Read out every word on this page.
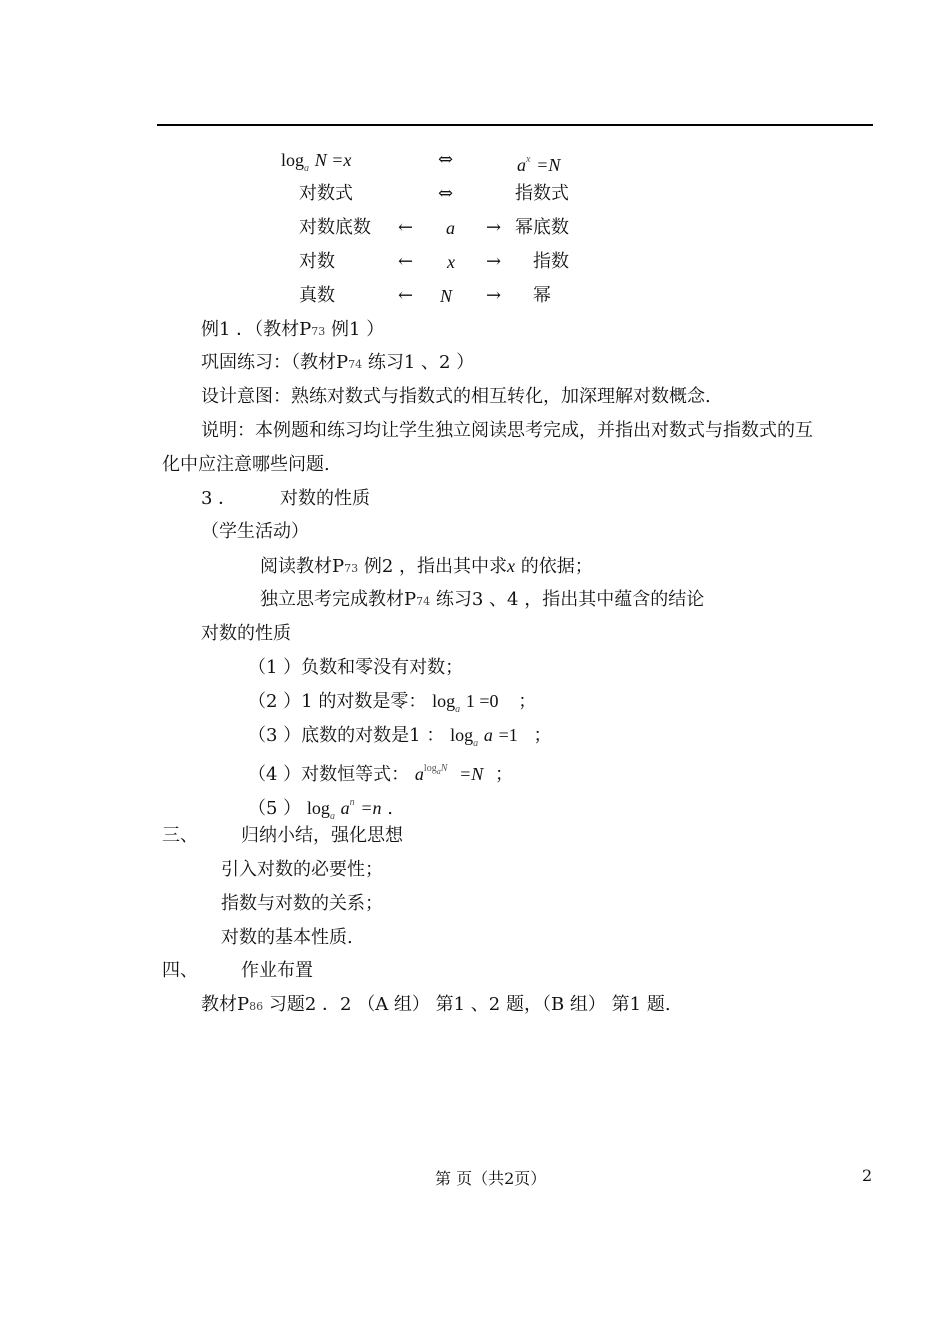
$\log_a N =x$	⇔	$a^x =N$
对数式	⇔	指数式
对数底数 ← a → 幂底数
对数	← x → 指数
真数	← N → 幂
例1 ．（教材P73 例1 ）
巩固练习：（教材P74 练习1 、2 ）
设计意图：熟练对数式与指数式的相互转化，加深理解对数概念.
说明：本例题和练习均让学生独立阅读思考完成，并指出对数式与指数式的互
化中应注意哪些问题.
3 ． 对数的性质
（学生活动）
阅读教材P73 例2 ，指出其中求x 的依据；
独立思考完成教材P74 练习3 、4 ，指出其中蕴含的结论
对数的性质
（1 ）负数和零没有对数；
（2 ）1 的对数是零： $\log_a 1 =0$ ；
（3 ）底数的对数是1 ： $\log_a a =1$ ；
（4 ）对数恒等式： $a^{logaN} =N$ ；
（5 ） $\log_a a^n =n$ .
三、 归纳小结，强化思想
引入对数的必要性；
指数与对数的关系；
对数的基本性质.
四、 作业布置
教材P86 习题2 ．2 （A 组） 第1 、2 题，（B 组） 第1 题.
第 页（共2页）	2
